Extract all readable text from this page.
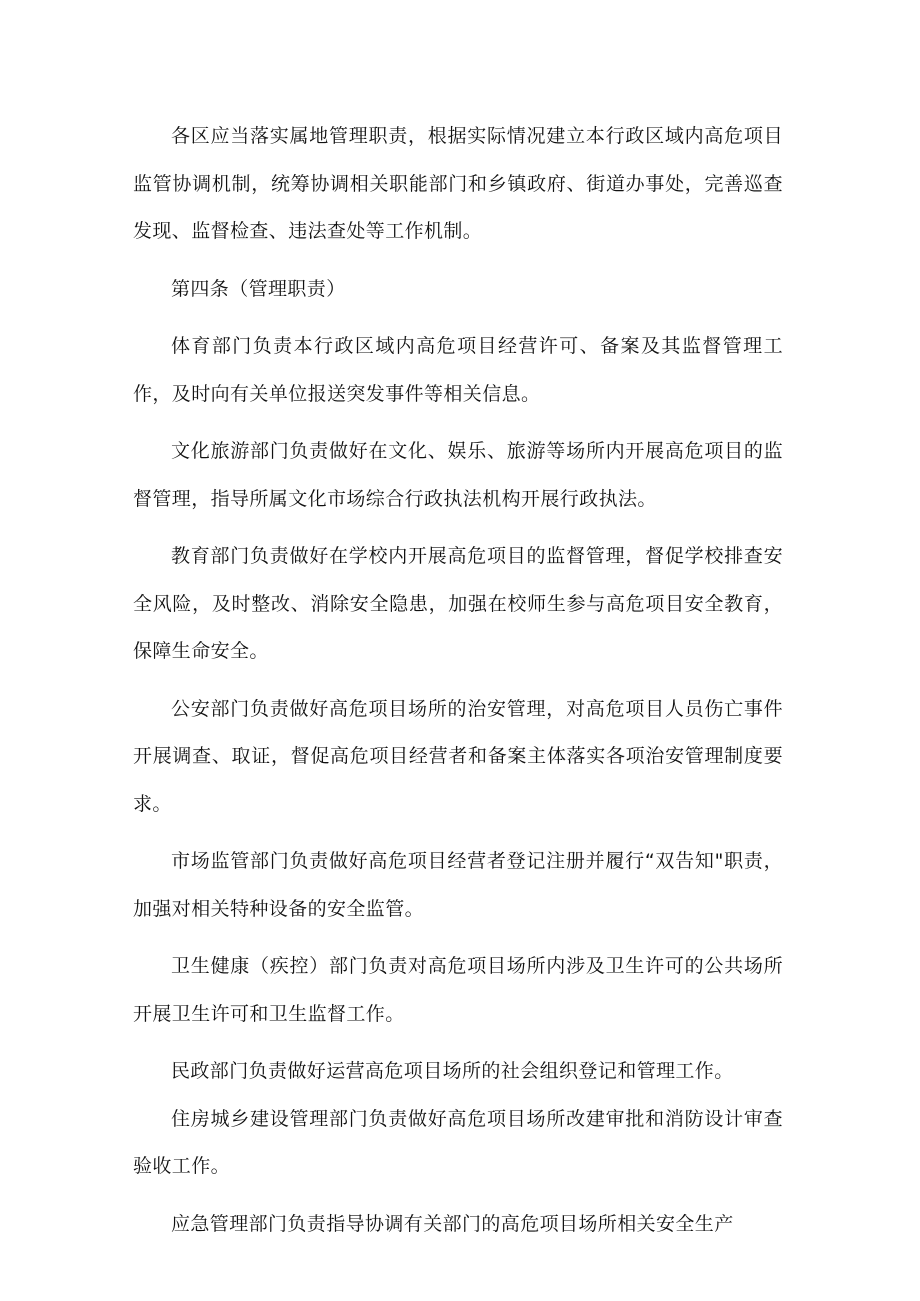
各区应当落实属地管理职责，根据实际情况建立本行政区域内高危项目监管协调机制，统筹协调相关职能部门和乡镇政府、街道办事处，完善巡查发现、监督检查、违法查处等工作机制。

第四条（管理职责）

体育部门负责本行政区域内高危项目经营许可、备案及其监督管理工作，及时向有关单位报送突发事件等相关信息。

文化旅游部门负责做好在文化、娱乐、旅游等场所内开展高危项目的监督管理，指导所属文化市场综合行政执法机构开展行政执法。

教育部门负责做好在学校内开展高危项目的监督管理，督促学校排查安全风险，及时整改、消除安全隐患，加强在校师生参与高危项目安全教育，保障生命安全。

公安部门负责做好高危项目场所的治安管理，对高危项目人员伤亡事件开展调查、取证，督促高危项目经营者和备案主体落实各项治安管理制度要求。

市场监管部门负责做好高危项目经营者登记注册并履行“双告知"职责，加强对相关特种设备的安全监管。

卫生健康（疾控）部门负责对高危项目场所内涉及卫生许可的公共场所开展卫生许可和卫生监督工作。

民政部门负责做好运营高危项目场所的社会组织登记和管理工作。

住房城乡建设管理部门负责做好高危项目场所改建审批和消防设计审查验收工作。

应急管理部门负责指导协调有关部门的高危项目场所相关安全生产
